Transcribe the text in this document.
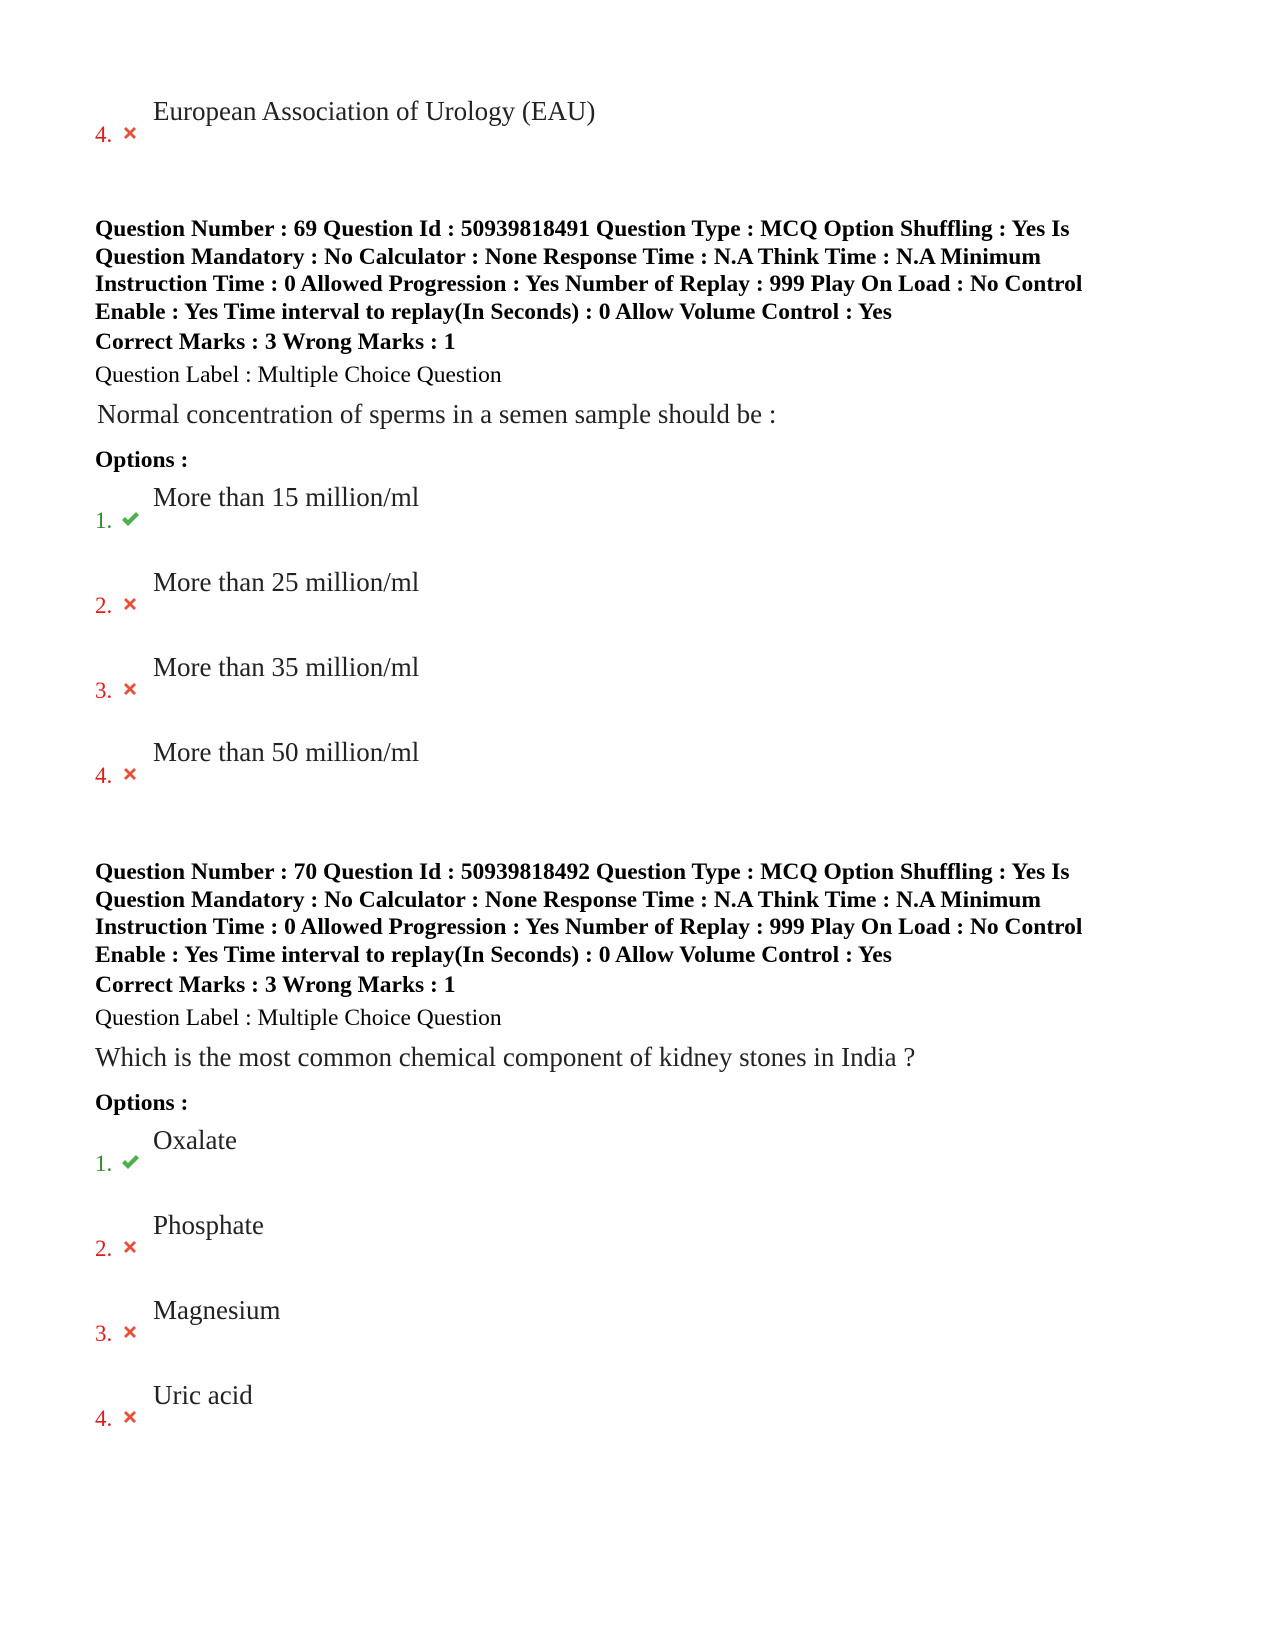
4.
European Association of Urology (EAU)
Question Number : 69 Question Id : 50939818491 Question Type : MCQ Option Shuffling : Yes Is
Question Mandatory : No Calculator : None Response Time : N.A Think Time : N.A Minimum
Instruction Time : 0 Allowed Progression : Yes Number of Replay : 999 Play On Load : No Control
Enable : Yes Time interval to replay(In Seconds) : 0 Allow Volume Control : Yes
Correct Marks : 3 Wrong Marks : 1
Question Label : Multiple Choice Question
Normal concentration of sperms in a semen sample should be :
Options :
1.
More than 15 million/ml
2.
More than 25 million/ml
3.
More than 35 million/ml
4.
More than 50 million/ml
Question Number : 70 Question Id : 50939818492 Question Type : MCQ Option Shuffling : Yes Is
Question Mandatory : No Calculator : None Response Time : N.A Think Time : N.A Minimum
Instruction Time : 0 Allowed Progression : Yes Number of Replay : 999 Play On Load : No Control
Enable : Yes Time interval to replay(In Seconds) : 0 Allow Volume Control : Yes
Correct Marks : 3 Wrong Marks : 1
Question Label : Multiple Choice Question
Which is the most common chemical component of kidney stones in India ?
Options :
1.
Oxalate
2.
Phosphate
3.
Magnesium
4.
Uric acid
